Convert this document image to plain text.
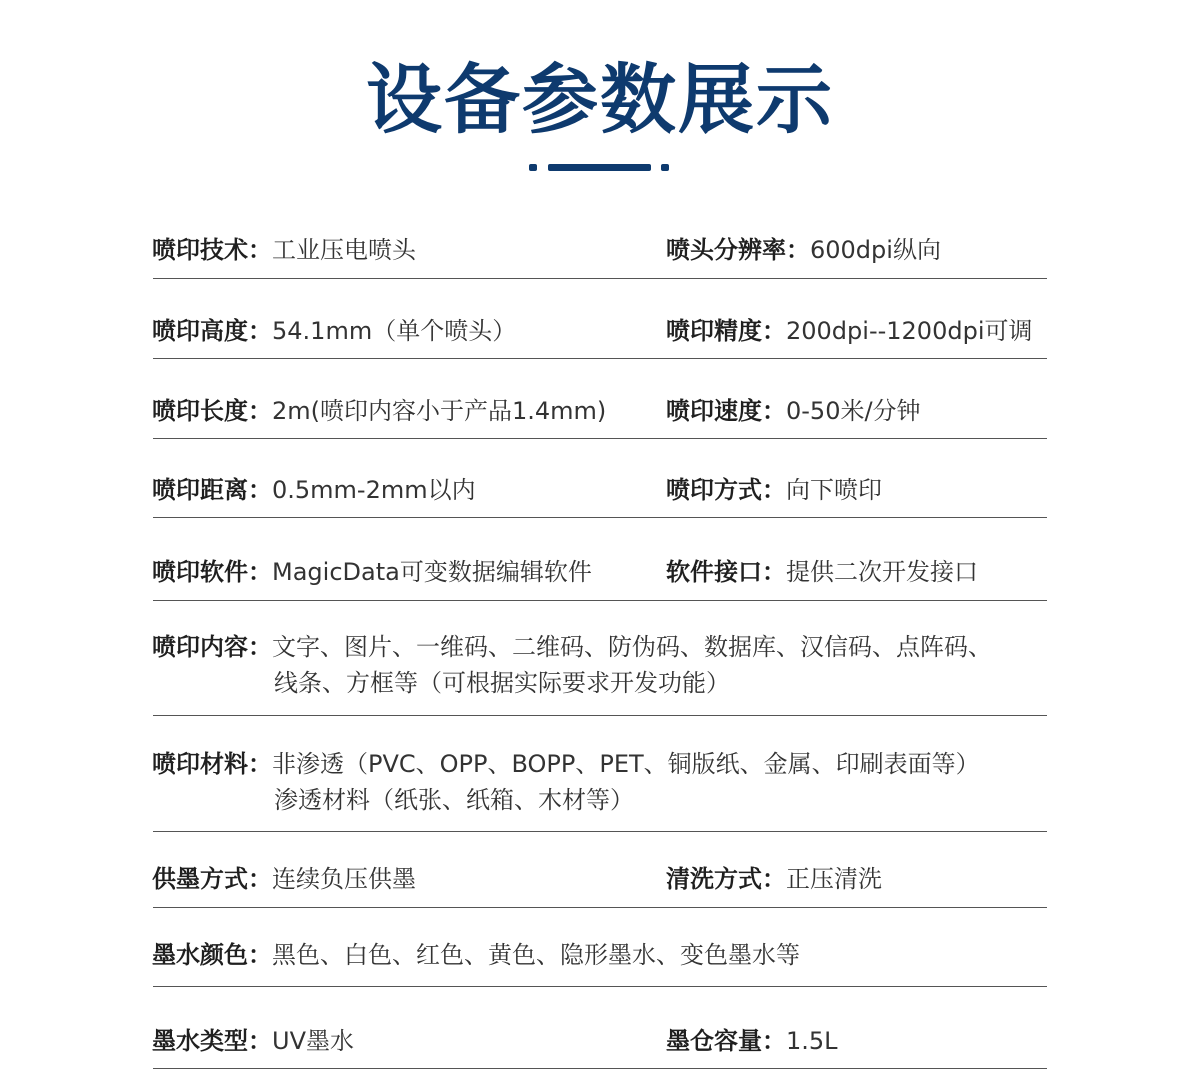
设备参数展示
喷印技术：工业压电喷头	喷头分辨率：600dpi纵向
喷印高度：54.1mm（单个喷头）	喷印精度：200dpi--1200dpi可调
喷印长度：2m(喷印内容小于产品1.4mm) 喷印速度：0-50米/分钟
喷印距离：0.5mm-2mm以内	喷印方式：向下喷印
喷印软件：MagicData可变数据编辑软件	软件接口：提供二次开发接口
喷印内容：文字、图片、一维码、二维码、防伪码、数据库、汉信码、点阵码、
线条、方框等（可根据实际要求开发功能）
喷印材料：非渗透（PVC、OPP、BOPP、PET、铜版纸、金属、印刷表面等）
渗透材料（纸张、纸箱、木材等）
供墨方式：连续负压供墨	清洗方式：正压清洗
墨水颜色：黑色、白色、红色、黄色、隐形墨水、变色墨水等
墨水类型：UV墨水	墨仓容量：1.5L
